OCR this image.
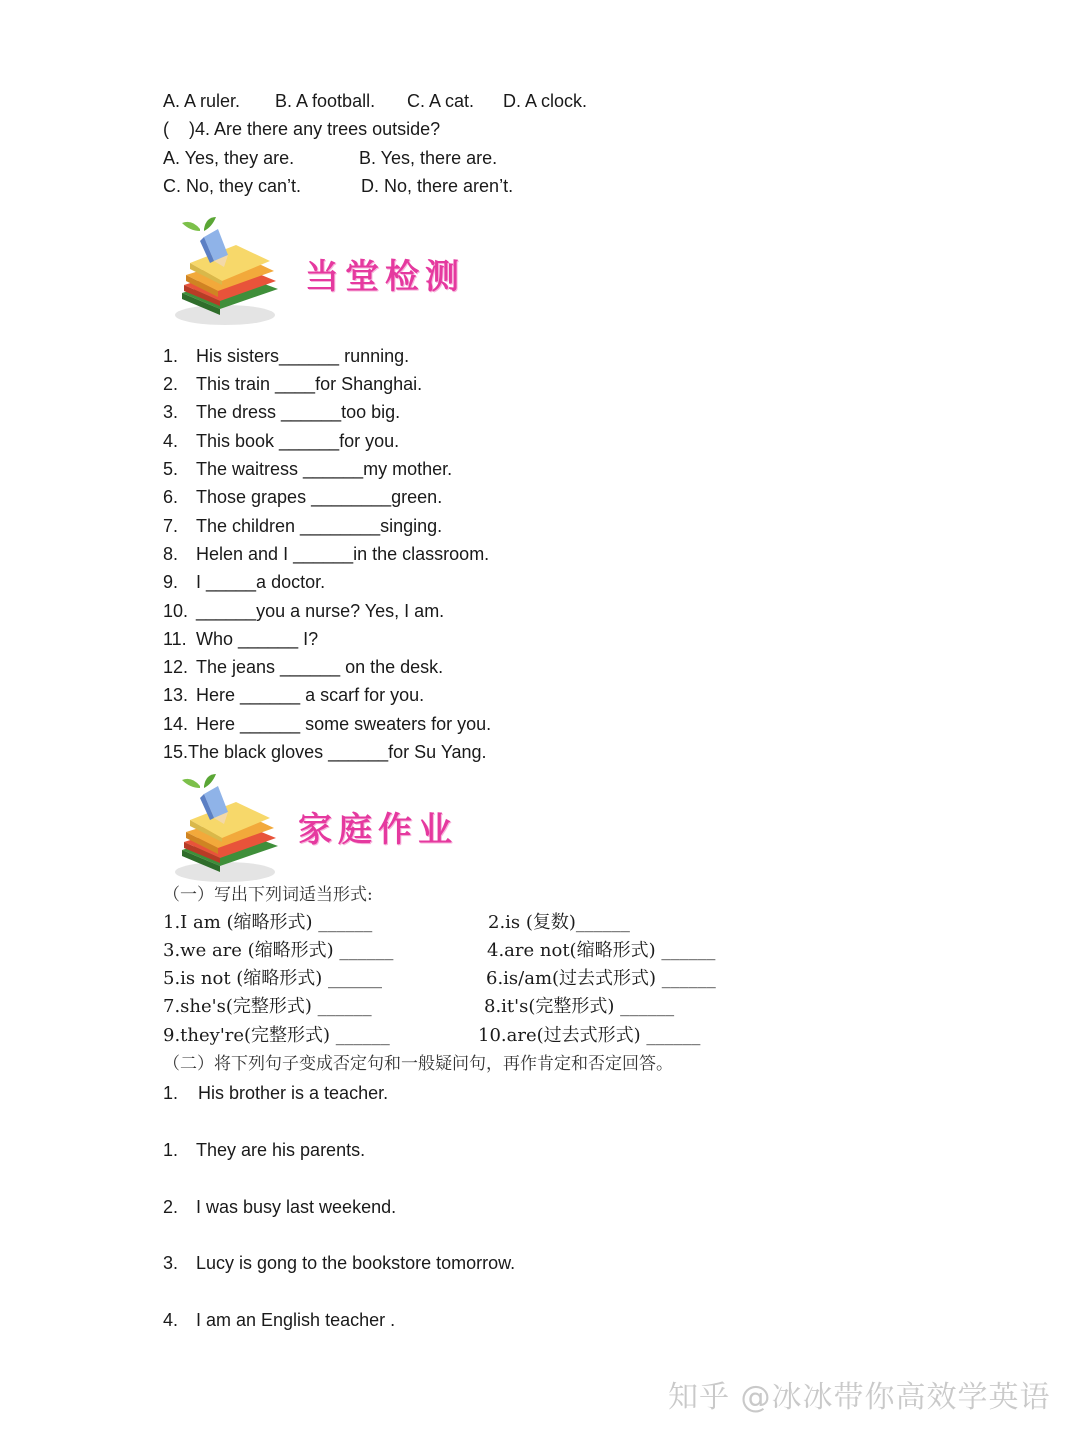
A. A ruler. B. A football. C. A cat. D. A clock.
(    )4. Are there any trees outside?
A. Yes, they are.	B. Yes, there are.
C. No, they can’t.	D. No, there aren’t.
当堂检测
1. His sisters______ running.
2. This train ____for Shanghai.
3. The dress ______too big.
4. This book ______for you.
5. The waitress ______my mother.
6. Those grapes ________green.
7. The children ________singing.
8. Helen and I ______in the classroom.
9. I _____a doctor.
10. ______you a nurse? Yes, I am.
11. Who ______ I?
12. The jeans ______ on the desk.
13. Here ______ a scarf for you.
14. Here ______ some sweaters for you.
15.The black gloves ______for Su Yang.
家庭作业
（一）写出下列词适当形式:
1.I am (缩略形式) ______	2.is (复数)______
3.we are (缩略形式) ______	4.are not(缩略形式) ______
5.is not (缩略形式) ______	6.is/am(过去式形式) ______
7.she's(完整形式) ______	8.it's(完整形式) ______
9.they're(完整形式) ______	10.are(过去式形式) ______
（二）将下列句子变成否定句和一般疑问句，再作肯定和否定回答。
1. His brother is a teacher.
1. They are his parents.
2. I was busy last weekend.
3. Lucy is gong to the bookstore tomorrow.
4. I am an English teacher .
知乎 @冰冰带你高效学英语
